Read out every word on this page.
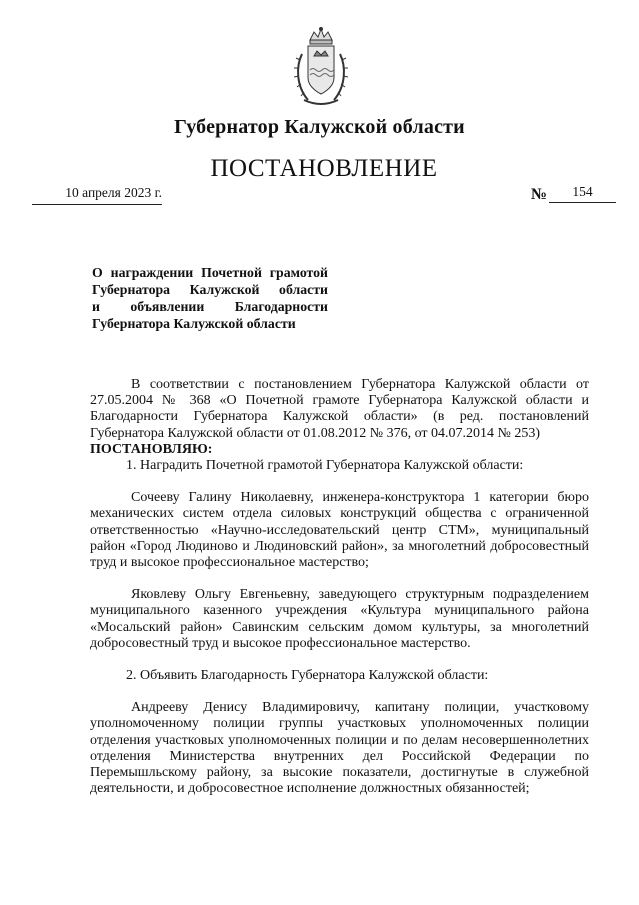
Губернатор Калужской области
ПОСТАНОВЛЕНИЕ
10 апреля 2023 г.	№	154
О награждении Почетной грамотой
Губернатора Калужской области
и объявлении Благодарности
Губернатора Калужской области

В соответствии с постановлением Губернатора Калужской области от 27.05.2004 № 368 «О Почетной грамоте Губернатора Калужской области и Благодарности Губернатора Калужской области» (в ред. постановлений Губернатора Калужской области от 01.08.2012 № 376, от 04.07.2014 № 253)

ПОСТАНОВЛЯЮ:

1. Наградить Почетной грамотой Губернатора Калужской области:

Сочееву Галину Николаевну, инженера-конструктора 1 категории бюро механических систем отдела силовых конструкций общества с ограниченной ответственностью «Научно-исследовательский центр СТМ», муниципальный район «Город Людиново и Людиновский район», за многолетний добросовестный труд и высокое профессиональное мастерство;

Яковлеву Ольгу Евгеньевну, заведующего структурным подразделением муниципального казенного учреждения «Культура муниципального района «Мосальский район» Савинским сельским домом культуры, за многолетний добросовестный труд и высокое профессиональное мастерство.

2. Объявить Благодарность Губернатора Калужской области:

Андрееву Денису Владимировичу, капитану полиции, участковому уполномоченному полиции группы участковых уполномоченных полиции отделения участковых уполномоченных полиции и по делам несовершеннолетних отделения Министерства внутренних дел Российской Федерации по Перемышльскому району, за высокие показатели, достигнутые в служебной деятельности, и добросовестное исполнение должностных обязанностей;
